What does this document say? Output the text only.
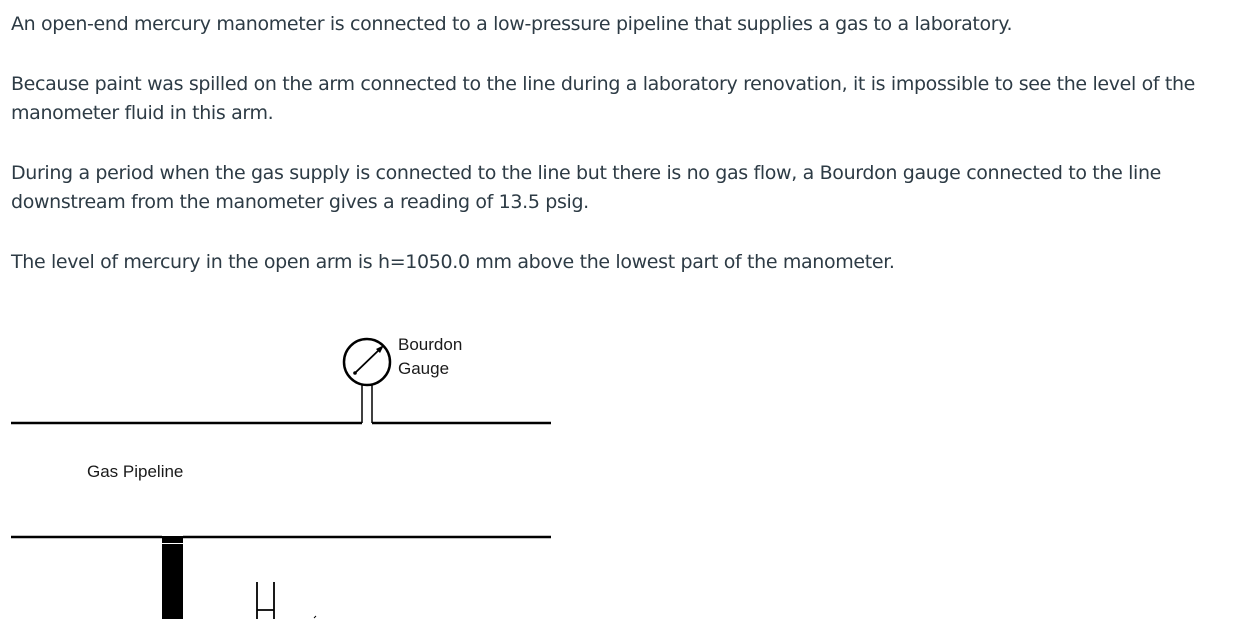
An open-end mercury manometer is connected to a low-pressure pipeline that supplies a gas to a laboratory.

Because paint was spilled on the arm connected to the line during a laboratory renovation, it is impossible to see the level of the manometer fluid in this arm.

During a period when the gas supply is connected to the line but there is no gas flow, a Bourdon gauge connected to the line downstream from the manometer gives a reading of 13.5 psig.

The level of mercury in the open arm is h=1050.0 mm above the lowest part of the manometer.

Bourdon
Gauge
Gas Pipeline
